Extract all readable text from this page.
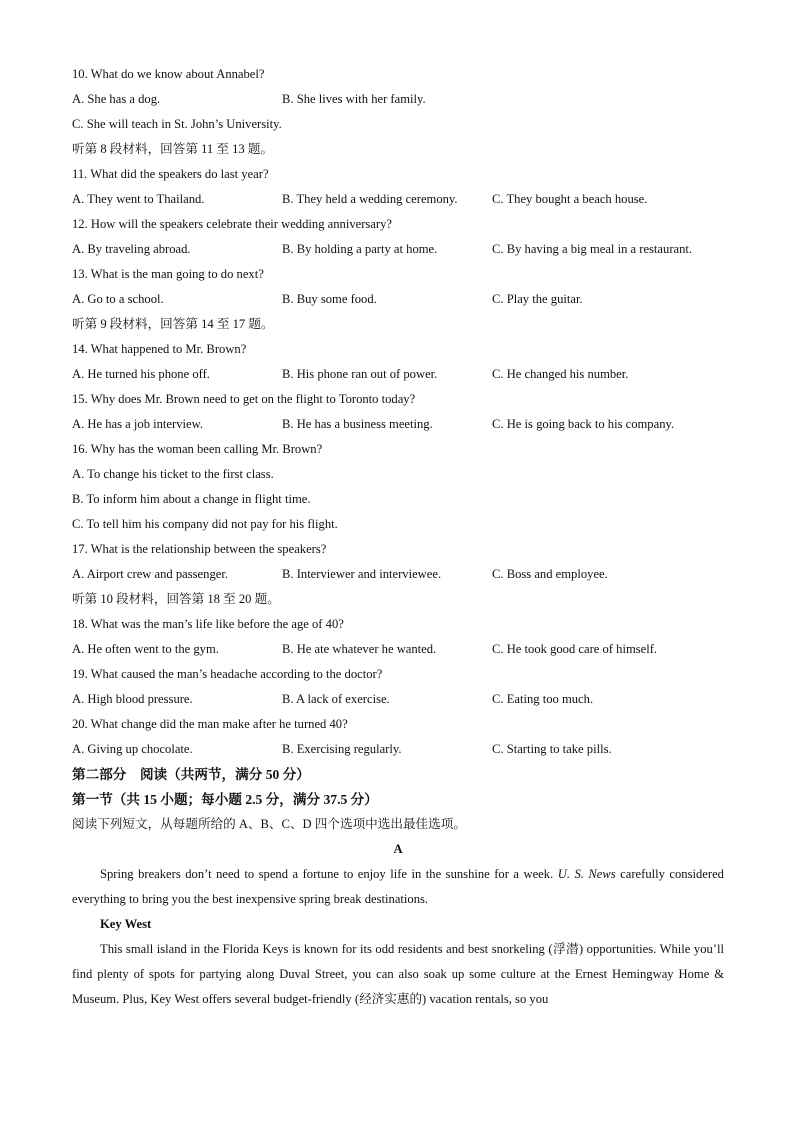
10. What do we know about Annabel?
A. She has a dog.	B. She lives with her family.
C. She will teach in St. John’s University.
听第 8 段材料，回答第 11 至 13 题。
11. What did the speakers do last year?
A. They went to Thailand.	B. They held a wedding ceremony.	C. They bought a beach house.
12. How will the speakers celebrate their wedding anniversary?
A. By traveling abroad.	B. By holding a party at home.	C. By having a big meal in a restaurant.
13. What is the man going to do next?
A. Go to a school.	B. Buy some food.	C. Play the guitar.
听第 9 段材料，回答第 14 至 17 题。
14. What happened to Mr. Brown?
A. He turned his phone off.	B. His phone ran out of power.	C. He changed his number.
15. Why does Mr. Brown need to get on the flight to Toronto today?
A. He has a job interview.	B. He has a business meeting.	C. He is going back to his company.
16. Why has the woman been calling Mr. Brown?
A. To change his ticket to the first class.
B. To inform him about a change in flight time.
C. To tell him his company did not pay for his flight.
17. What is the relationship between the speakers?
A. Airport crew and passenger.	B. Interviewer and interviewee.	C. Boss and employee.
听第 10 段材料，回答第 18 至 20 题。
18. What was the man’s life like before the age of 40?
A. He often went to the gym.	B. He ate whatever he wanted.	C. He took good care of himself.
19. What caused the man’s headache according to the doctor?
A. High blood pressure.	B. A lack of exercise.	C. Eating too much.
20. What change did the man make after he turned 40?
A. Giving up chocolate.	B. Exercising regularly.	C. Starting to take pills.
第二部分　阅读（共两节，满分 50 分）
第一节（共 15 小题；每小题 2.5 分，满分 37.5 分）
阅读下列短文，从每题所给的 A、B、C、D 四个选项中选出最佳选项。
A
Spring breakers don’t need to spend a fortune to enjoy life in the sunshine for a week. U. S. News carefully considered everything to bring you the best inexpensive spring break destinations.
Key West
This small island in the Florida Keys is known for its odd residents and best snorkeling (浮潜) opportunities. While you’ll find plenty of spots for partying along Duval Street, you can also soak up some culture at the Ernest Hemingway Home & Museum. Plus, Key West offers several budget-friendly (经济实惠的) vacation rentals, so you
